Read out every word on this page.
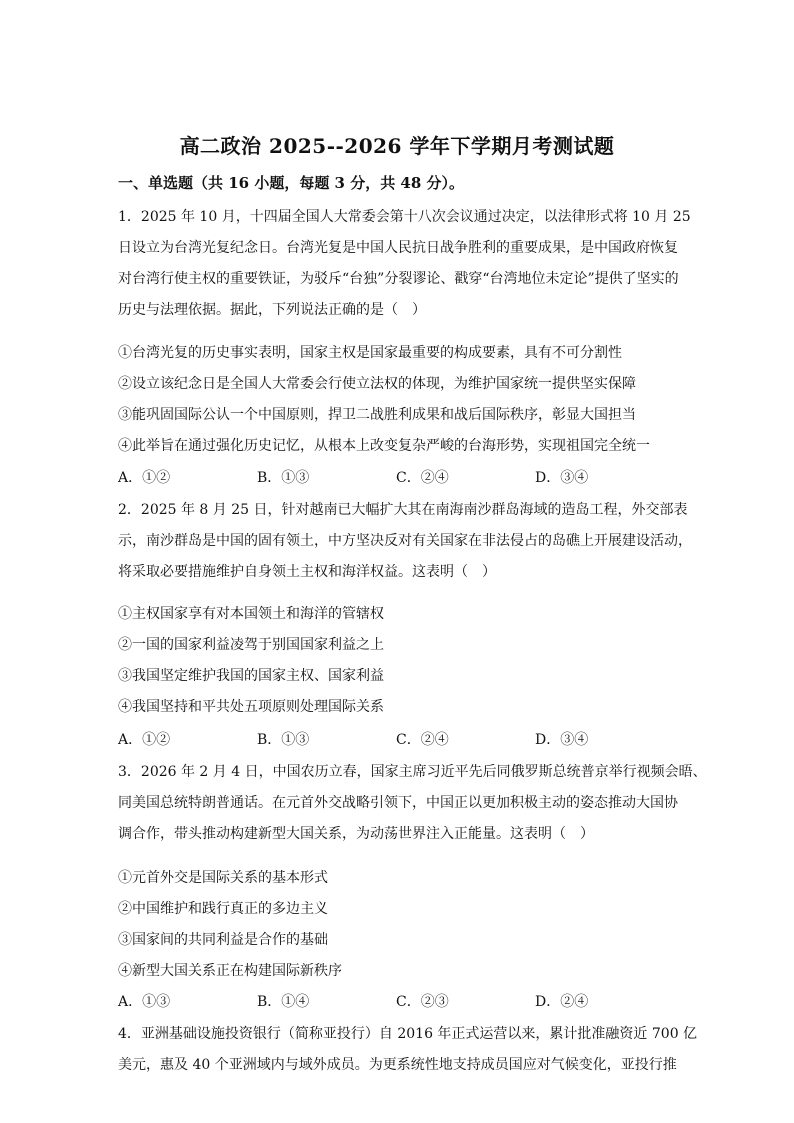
高二政治 2025--2026 学年下学期月考测试题
一、单选题（共 16 小题，每题 3 分，共 48 分）。
1．2025 年 10 月，十四届全国人大常委会第十八次会议通过决定，以法律形式将 10 月 25
日设立为台湾光复纪念日。台湾光复是中国人民抗日战争胜利的重要成果，是中国政府恢复
对台湾行使主权的重要铁证，为驳斥“台独”分裂谬论、戳穿“台湾地位未定论”提供了坚实的
历史与法理依据。据此，下列说法正确的是（　）
①台湾光复的历史事实表明，国家主权是国家最重要的构成要素，具有不可分割性
②设立该纪念日是全国人大常委会行使立法权的体现，为维护国家统一提供坚实保障
③能巩固国际公认一个中国原则，捍卫二战胜利成果和战后国际秩序，彰显大国担当
④此举旨在通过强化历史记忆，从根本上改变复杂严峻的台海形势，实现祖国完全统一
A．①②	B．①③	C．②④	D．③④
2．2025 年 8 月 25 日，针对越南已大幅扩大其在南海南沙群岛海域的造岛工程，外交部表
示，南沙群岛是中国的固有领土，中方坚决反对有关国家在非法侵占的岛礁上开展建设活动，
将采取必要措施维护自身领土主权和海洋权益。这表明（　）
①主权国家享有对本国领土和海洋的管辖权
②一国的国家利益凌驾于别国国家利益之上
③我国坚定维护我国的国家主权、国家利益
④我国坚持和平共处五项原则处理国际关系
A．①②	B．①③	C．②④	D．③④
3．2026 年 2 月 4 日，中国农历立春，国家主席习近平先后同俄罗斯总统普京举行视频会晤、
同美国总统特朗普通话。在元首外交战略引领下，中国正以更加积极主动的姿态推动大国协
调合作，带头推动构建新型大国关系，为动荡世界注入正能量。这表明（　）
①元首外交是国际关系的基本形式
②中国维护和践行真正的多边主义
③国家间的共同利益是合作的基础
④新型大国关系正在构建国际新秩序
A．①③	B．①④	C．②③	D．②④
4．亚洲基础设施投资银行（简称亚投行）自 2016 年正式运营以来，累计批准融资近 700 亿
美元，惠及 40 个亚洲域内与域外成员。为更系统性地支持成员国应对气候变化，亚投行推
